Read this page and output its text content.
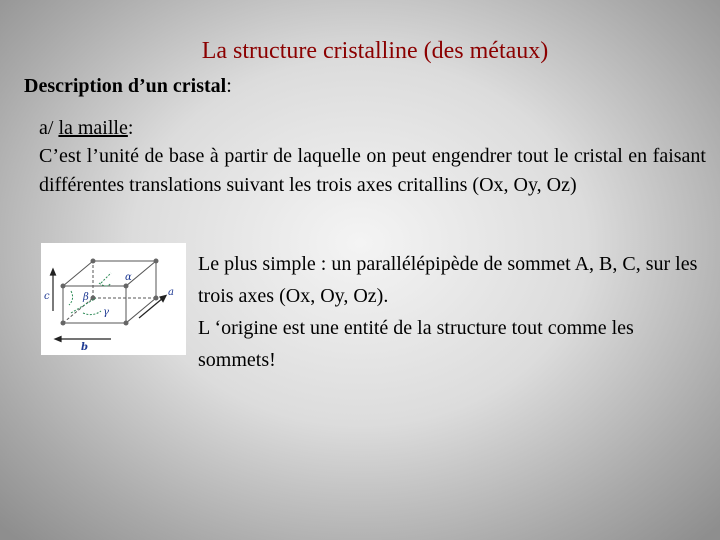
La structure cristalline (des métaux)
Description d’un cristal:
a/ la maille:
C’est l’unité de base à partir de laquelle on peut engendrer tout le cristal en faisant différentes translations suivant les trois axes critallins (Ox, Oy, Oz)
c
b
a
α
β
γ

Le plus simple : un parallélépipède de sommet A, B, C, sur les trois axes (Ox, Oy, Oz).

L ‘origine est une entité de la structure tout comme les sommets!
